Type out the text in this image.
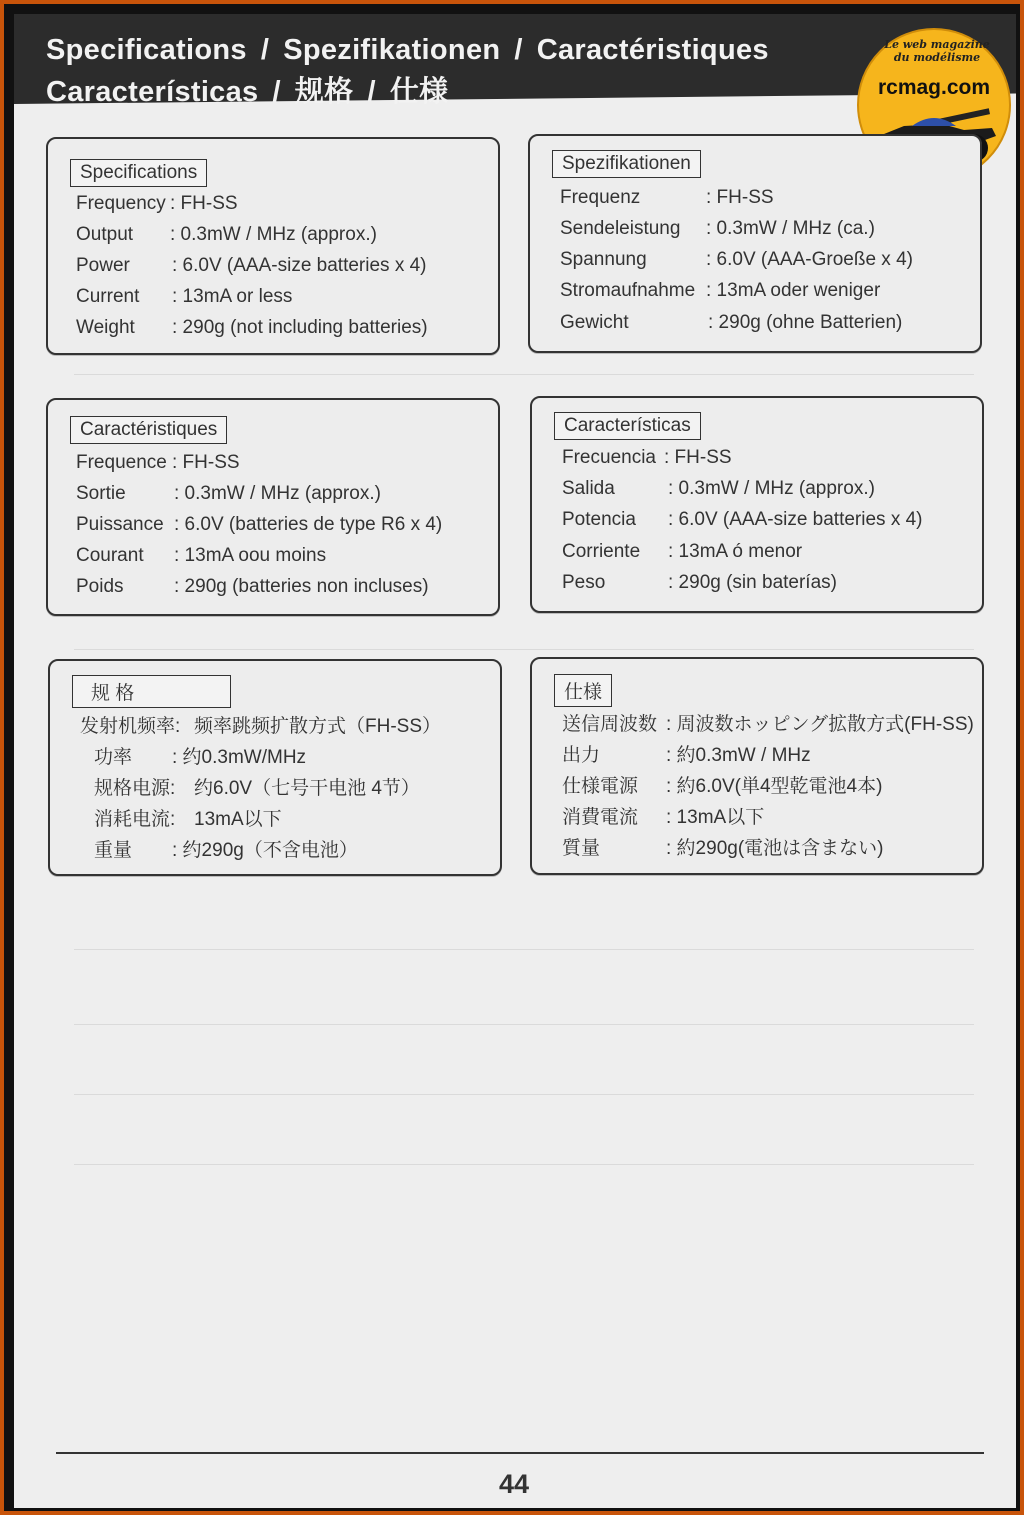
Specifications / Spezifikationen / Caractéristiques
Características / 规格 / 仕様
Le web magazine du modélisme
rcmag.com
Specifications
Frequency : FH-SS
Output : 0.3mW / MHz (approx.)
Power : 6.0V (AAA-size batteries x 4)
Current : 13mA or less
Weight : 290g (not including batteries)
Spezifikationen
Frequenz	: FH-SS
Sendeleistung : 0.3mW / MHz (ca.)
Spannung	: 6.0V (AAA-Groeße x 4)
Stromaufnahme : 13mA oder weniger
Gewicht	: 290g (ohne Batterien)
Caractéristiques
Frequence : FH-SS
Sortie	: 0.3mW / MHz (approx.)
Puissance : 6.0V (batteries de type R6 x 4)
Courant : 13mA oou moins
Poids	: 290g (batteries non incluses)
Características
Frecuencia : FH-SS
Salida	: 0.3mW / MHz (approx.)
Potencia : 6.0V (AAA-size batteries x 4)
Corriente : 13mA ó menor
Peso	: 290g (sin baterías)
规 格
发射机频率: 频率跳频扩散方式（FH-SS）
功率 : 约0.3mW/MHz
规格电源: 约6.0V（七号干电池 4节）
消耗电流: 13mA以下
重量 : 约290g（不含电池）
仕様
送信周波数 : 周波数ホッピング拡散方式(FH-SS)
出力	: 約0.3mW / MHz
仕様電源 : 約6.0V(単4型乾電池4本)
消費電流 : 13mA以下
質量	: 約290g(電池は含まない)
44
